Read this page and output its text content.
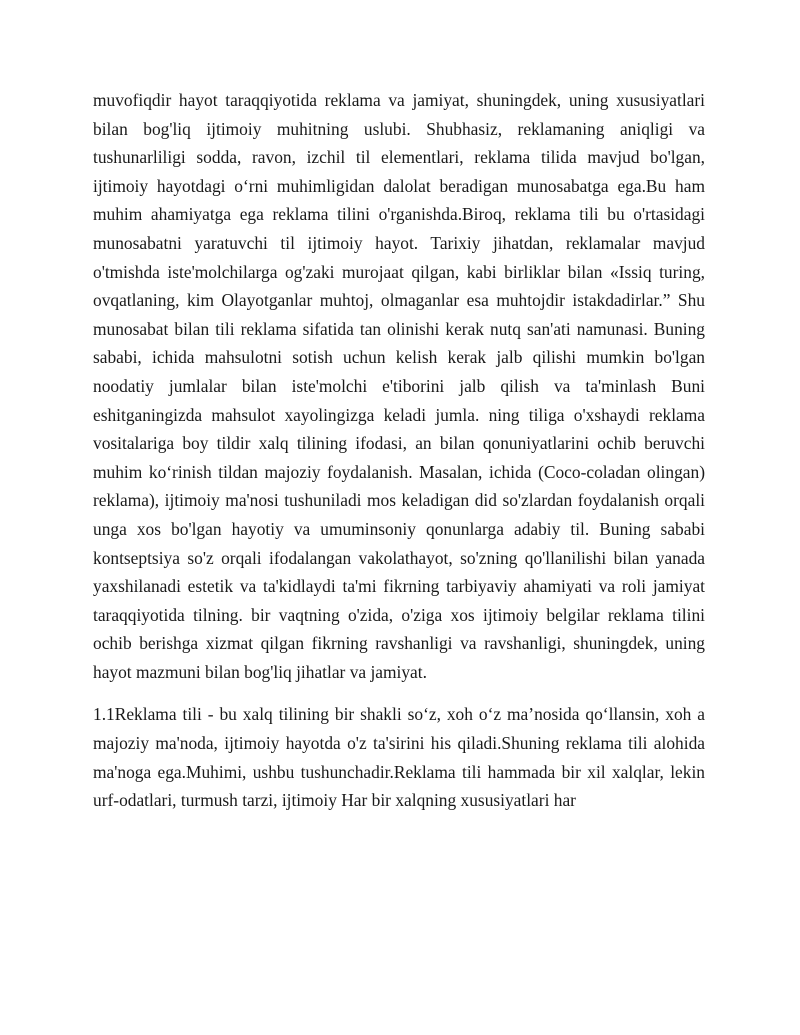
muvofiqdir hayot taraqqiyotida reklama va jamiyat, shuningdek, uning xususiyatlari bilan bog'liq ijtimoiy muhitning uslubi. Shubhasiz, reklamaning aniqligi va tushunarliligi sodda, ravon, izchil til elementlari, reklama tilida mavjud bo'lgan, ijtimoiy hayotdagi o‘rni muhimligidan dalolat beradigan munosabatga ega.Bu ham muhim ahamiyatga ega reklama tilini o'rganishda.Biroq, reklama tili bu o'rtasidagi munosabatni yaratuvchi til ijtimoiy hayot. Tarixiy jihatdan, reklamalar mavjud o'tmishda iste'molchilarga og'zaki murojaat qilgan, kabi birliklar bilan «Issiq turing, ovqatlaning, kim Olayotganlar muhtoj, olmaganlar esa muhtojdir istakdadirlar.” Shu munosabat bilan tili reklama sifatida tan olinishi kerak nutq san'ati namunasi. Buning sababi, ichida mahsulotni sotish uchun kelish kerak jalb qilishi mumkin bo'lgan noodatiy jumlalar bilan iste'molchi e'tiborini jalb qilish va ta'minlash Buni eshitganingizda mahsulot xayolingizga keladi jumla. ning tiliga o'xshaydi reklama vositalariga boy tildir xalq tilining ifodasi, an bilan qonuniyatlarini ochib beruvchi muhim ko‘rinish tildan majoziy foydalanish. Masalan, ichida (Coco-coladan olingan) reklama), ijtimoiy ma'nosi tushuniladi mos keladigan did so'zlardan foydalanish orqali unga xos bo'lgan hayotiy va umuminsoniy qonunlarga adabiy til. Buning sababi kontseptsiya so'z orqali ifodalangan vakolathayot, so'zning qo'llanilishi bilan yanada yaxshilanadi estetik va ta'kidlaydi ta'mi fikrning tarbiyaviy ahamiyati va roli jamiyat taraqqiyotida tilning. bir vaqtning o'zida, o'ziga xos ijtimoiy belgilar reklama tilini ochib berishga xizmat qilgan fikrning ravshanligi va ravshanligi, shuningdek, uning hayot mazmuni bilan bog'liq jihatlar va jamiyat.

1.1Reklama tili - bu xalq tilining bir shakli so‘z, xoh o‘z ma’nosida qo‘llansin, xoh a majoziy ma'noda, ijtimoiy hayotda o'z ta'sirini his qiladi.Shuning reklama tili alohida ma'noga ega.Muhimi, ushbu tushunchadir.Reklama tili hammada bir xil xalqlar, lekin urf-odatlari, turmush tarzi, ijtimoiy Har bir xalqning xususiyatlari har
